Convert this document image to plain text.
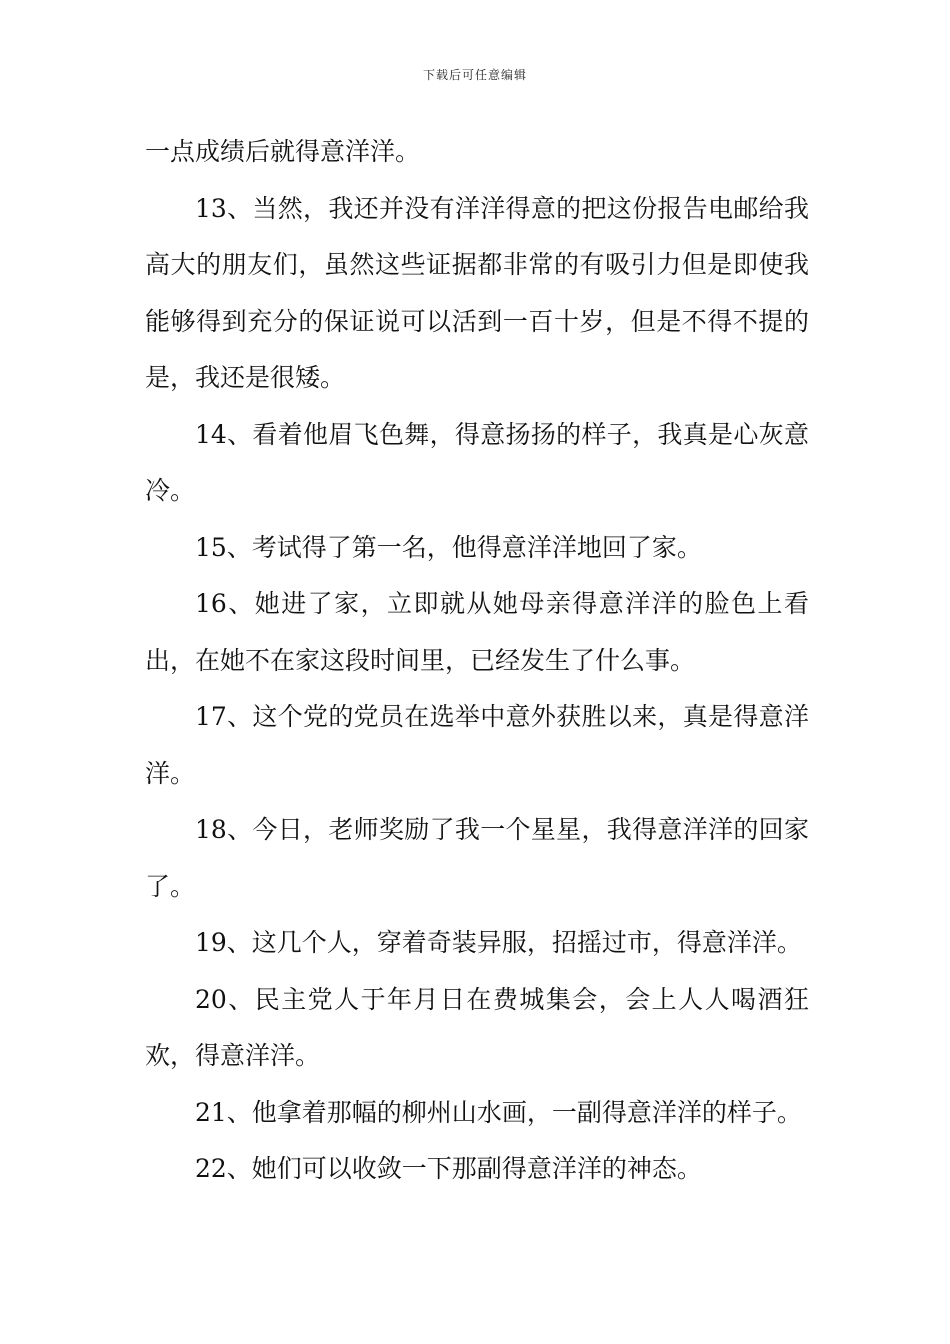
下载后可任意编辑

一点成绩后就得意洋洋。

13、当然，我还并没有洋洋得意的把这份报告电邮给我高大的朋友们，虽然这些证据都非常的有吸引力但是即使我能够得到充分的保证说可以活到一百十岁，但是不得不提的是，我还是很矮。

14、看着他眉飞色舞，得意扬扬的样子，我真是心灰意冷。

15、考试得了第一名，他得意洋洋地回了家。

16、她进了家，立即就从她母亲得意洋洋的脸色上看出，在她不在家这段时间里，已经发生了什么事。

17、这个党的党员在选举中意外获胜以来，真是得意洋洋。

18、今日，老师奖励了我一个星星，我得意洋洋的回家了。

19、这几个人，穿着奇装异服，招摇过市，得意洋洋。

20、民主党人于年月日在费城集会，会上人人喝酒狂欢，得意洋洋。

21、他拿着那幅的柳州山水画，一副得意洋洋的样子。

22、她们可以收敛一下那副得意洋洋的神态。
